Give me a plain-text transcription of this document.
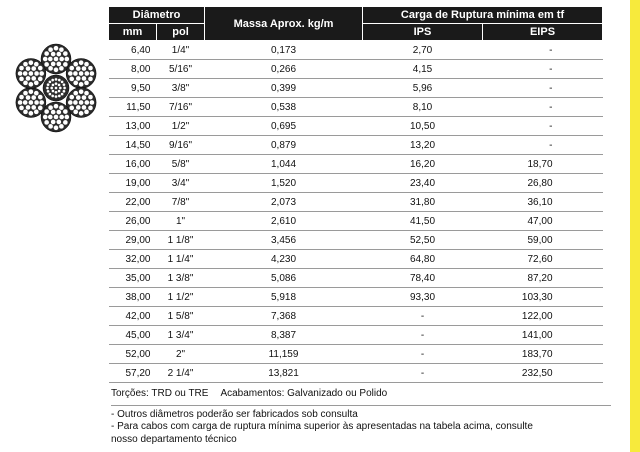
Diâmetro		Massa Aprox. kg/m	Carga de Ruptura mínima em tf	
mm	pol		IPS	EIPS
6,40	1/4"	0,173	2,70	-
8,00	5/16"	0,266	4,15	-
9,50	3/8"	0,399	5,96	-
11,50	7/16"	0,538	8,10	-
13,00	1/2"	0,695	10,50	-
14,50	9/16"	0,879	13,20	-
16,00	5/8"	1,044	16,20	18,70
19,00	3/4"	1,520	23,40	26,80
22,00	7/8"	2,073	31,80	36,10
26,00	1"	2,610	41,50	47,00
29,00	1 1/8"	3,456	52,50	59,00
32,00	1 1/4"	4,230	64,80	72,60
35,00	1 3/8"	5,086	78,40	87,20
38,00	1 1/2"	5,918	93,30	103,30
42,00	1 5/8"	7,368	-	122,00
45,00	1 3/4"	8,387	-	141,00
52,00	2"	11,159	-	183,70
57,20	2 1/4"	13,821	-	232,50
Torções: TRD ou TRE Acabamentos: Galvanizado ou Polido
- Outros diâmetros poderão ser fabricados sob consulta
- Para cabos com carga de ruptura mínima superior às apresentadas na tabela acima, consulte
nosso departamento técnico
